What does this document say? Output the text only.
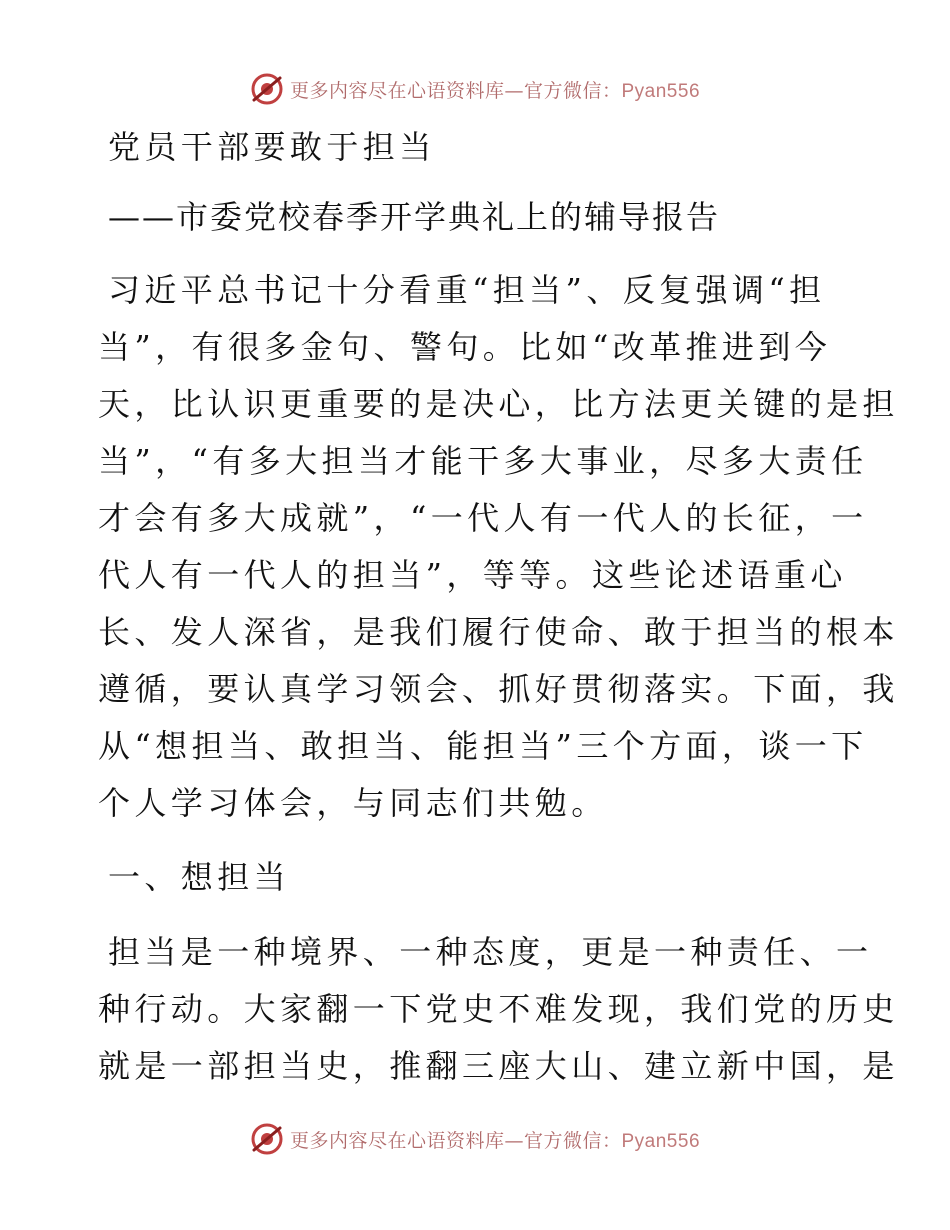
更多内容尽在心语资料库—官方微信：Pyan556
党员干部要敢于担当
——市委党校春季开学典礼上的辅导报告
习近平总书记十分看重“担当”、反复强调“担
当”，有很多金句、警句。比如“改革推进到今
天，比认识更重要的是决心，比方法更关键的是担
当”，“有多大担当才能干多大事业，尽多大责任
才会有多大成就”，“一代人有一代人的长征，一
代人有一代人的担当”，等等。这些论述语重心
长、发人深省，是我们履行使命、敢于担当的根本
遵循，要认真学习领会、抓好贯彻落实。下面，我
从“想担当、敢担当、能担当”三个方面，谈一下
个人学习体会，与同志们共勉。
一、想担当
担当是一种境界、一种态度，更是一种责任、一
种行动。大家翻一下党史不难发现，我们党的历史
就是一部担当史，推翻三座大山、建立新中国，是
更多内容尽在心语资料库—官方微信：Pyan556
